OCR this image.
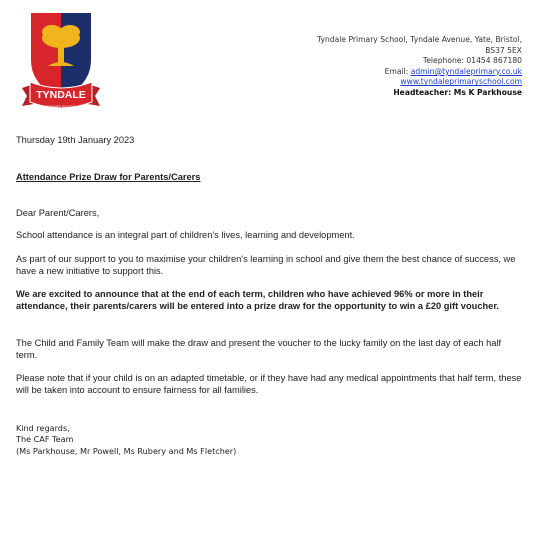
TYNDALE
PRIMARY SCHOOL
Tyndale Primary School, Tyndale Avenue, Yate, Bristol,
BS37 5EX
Telephone: 01454 867180
Email: admin@tyndaleprimary.co.uk
www.tyndaleprimaryschool.com
Headteacher: Ms K Parkhouse
Thursday 19th January 2023
Attendance Prize Draw for Parents/Carers
Dear Parent/Carers,
School attendance is an integral part of children's lives, learning and development.
As part of our support to you to maximise your children's learning in school and give them the best chance of success, we have a new initiative to support this.
We are excited to announce that at the end of each term, children who have achieved 96% or more in their attendance, their parents/carers will be entered into a prize draw for the opportunity to win a £20 gift voucher.
The Child and Family Team will make the draw and present the voucher to the lucky family on the last day of each half term.
Please note that if your child is on an adapted timetable, or if they have had any medical appointments that half term, these will be taken into account to ensure fairness for all families.
Kind regards,
The CAF Team
(Ms Parkhouse, Mr Powell, Ms Rubery and Ms Fletcher)
